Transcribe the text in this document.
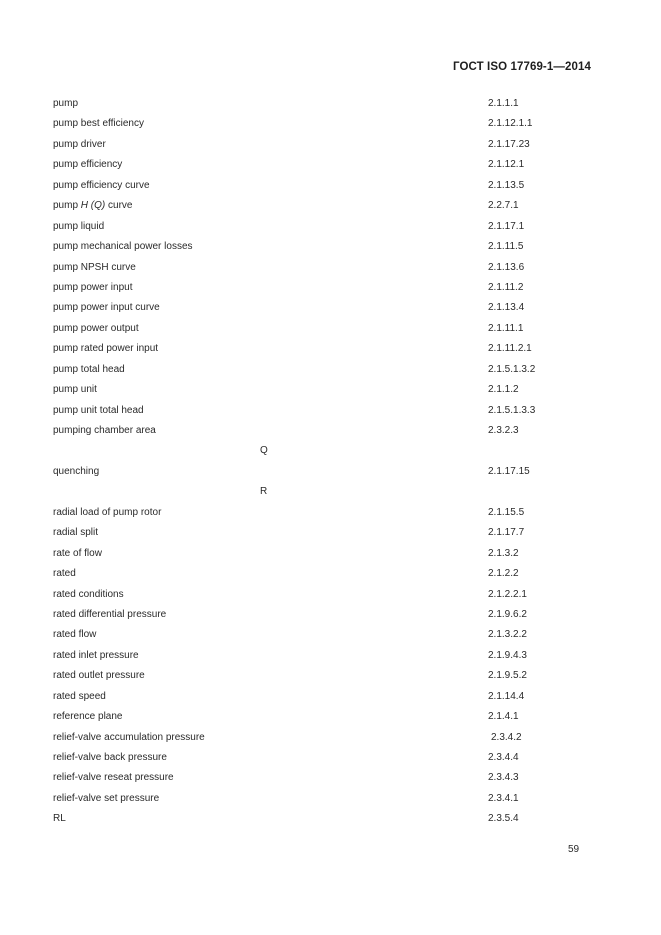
ГОСТ ISO 17769-1—2014
pump	2.1.1.1
pump best efficiency	2.1.12.1.1
pump driver	2.1.17.23
pump efficiency	2.1.12.1
pump efficiency curve	2.1.13.5
pump H (Q) curve	2.2.7.1
pump liquid	2.1.17.1
pump mechanical power losses	2.1.11.5
pump NPSH curve	2.1.13.6
pump power input	2.1.11.2
pump power input curve	2.1.13.4
pump power output	2.1.11.1
pump rated power input	2.1.11.2.1
pump total head	2.1.5.1.3.2
pump unit	2.1.1.2
pump unit total head	2.1.5.1.3.3
pumping chamber area	2.3.2.3
Q
quenching	2.1.17.15
R
radial load of pump rotor	2.1.15.5
radial split	2.1.17.7
rate of flow	2.1.3.2
rated	2.1.2.2
rated conditions	2.1.2.2.1
rated differential pressure	2.1.9.6.2
rated flow	2.1.3.2.2
rated inlet pressure	2.1.9.4.3
rated outlet pressure	2.1.9.5.2
rated speed	2.1.14.4
reference plane	2.1.4.1
relief-valve accumulation pressure	2.3.4.2
relief-valve back pressure	2.3.4.4
relief-valve reseat pressure	2.3.4.3
relief-valve set pressure	2.3.4.1
RL	2.3.5.4
59
